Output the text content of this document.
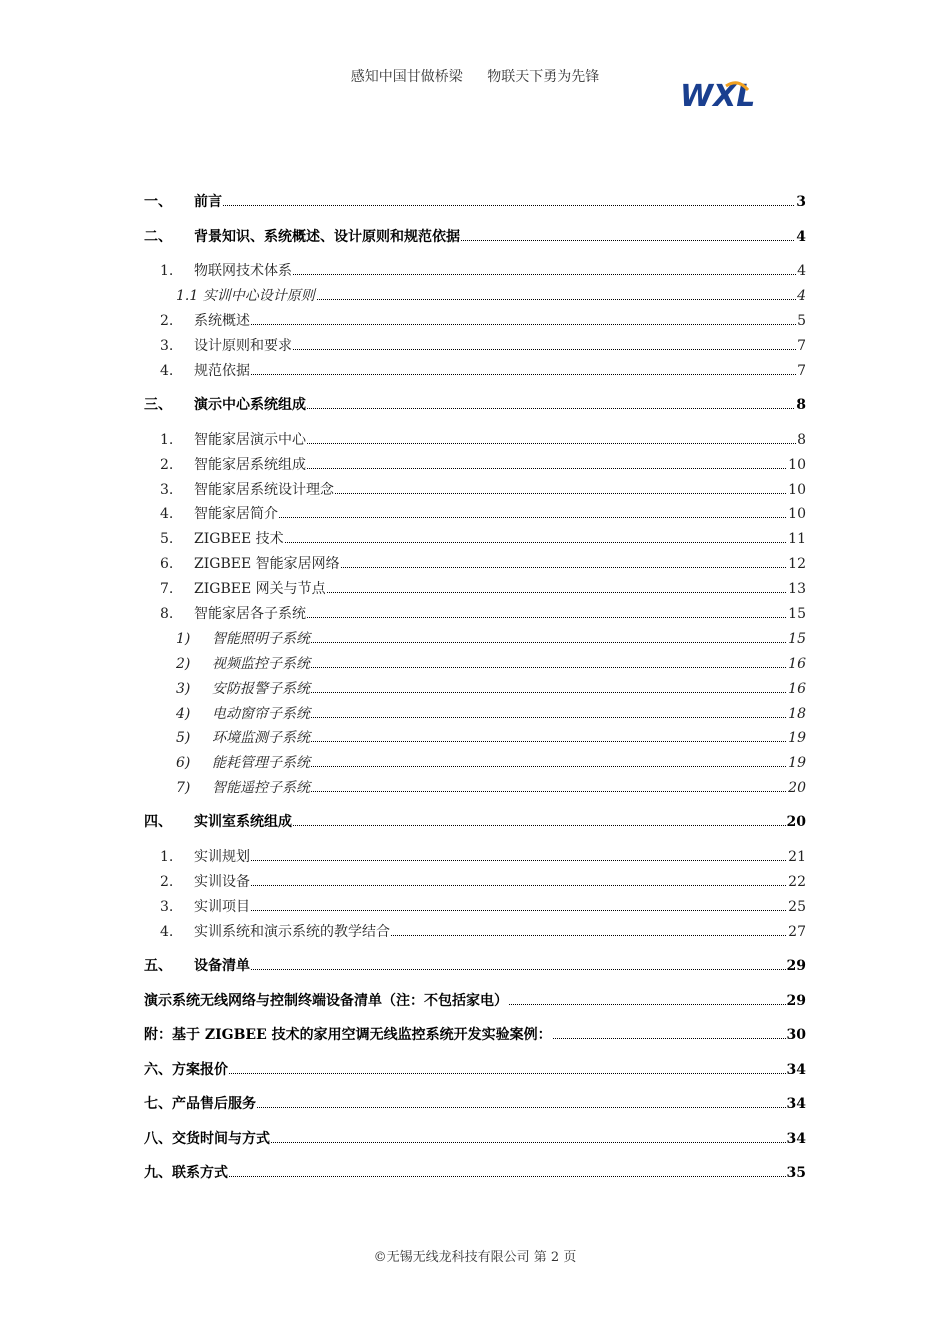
感知中国甘做桥梁 物联天下勇为先锋
WXL
一、 前言	3
二、 背景知识、系统概述、设计原则和规范依据	4
1. 物联网技术体系	4
1.1 实训中心设计原则	4
2. 系统概述	5
3. 设计原则和要求	7
4. 规范依据	7
三、 演示中心系统组成	8
1. 智能家居演示中心	8
2. 智能家居系统组成	10
3. 智能家居系统设计理念	10
4. 智能家居简介	10
5. ZIGBEE 技术	11
6. ZIGBEE 智能家居网络	12
7. ZIGBEE 网关与节点	13
8. 智能家居各子系统	15
1) 智能照明子系统	15
2) 视频监控子系统	16
3) 安防报警子系统	16
4) 电动窗帘子系统	18
5) 环境监测子系统	19
6) 能耗管理子系统	19
7) 智能遥控子系统	20
四、 实训室系统组成	20
1. 实训规划	21
2. 实训设备	22
3. 实训项目	25
4. 实训系统和演示系统的教学结合	27
五、 设备清单	29
演示系统无线网络与控制终端设备清单（注：不包括家电）	29
附：基于 ZIGBEE 技术的家用空调无线监控系统开发实验案例：	30
六、方案报价	34
七、产品售后服务	34
八、交货时间与方式	34
九、联系方式	35
©无锡无线龙科技有限公司 第 2 页
